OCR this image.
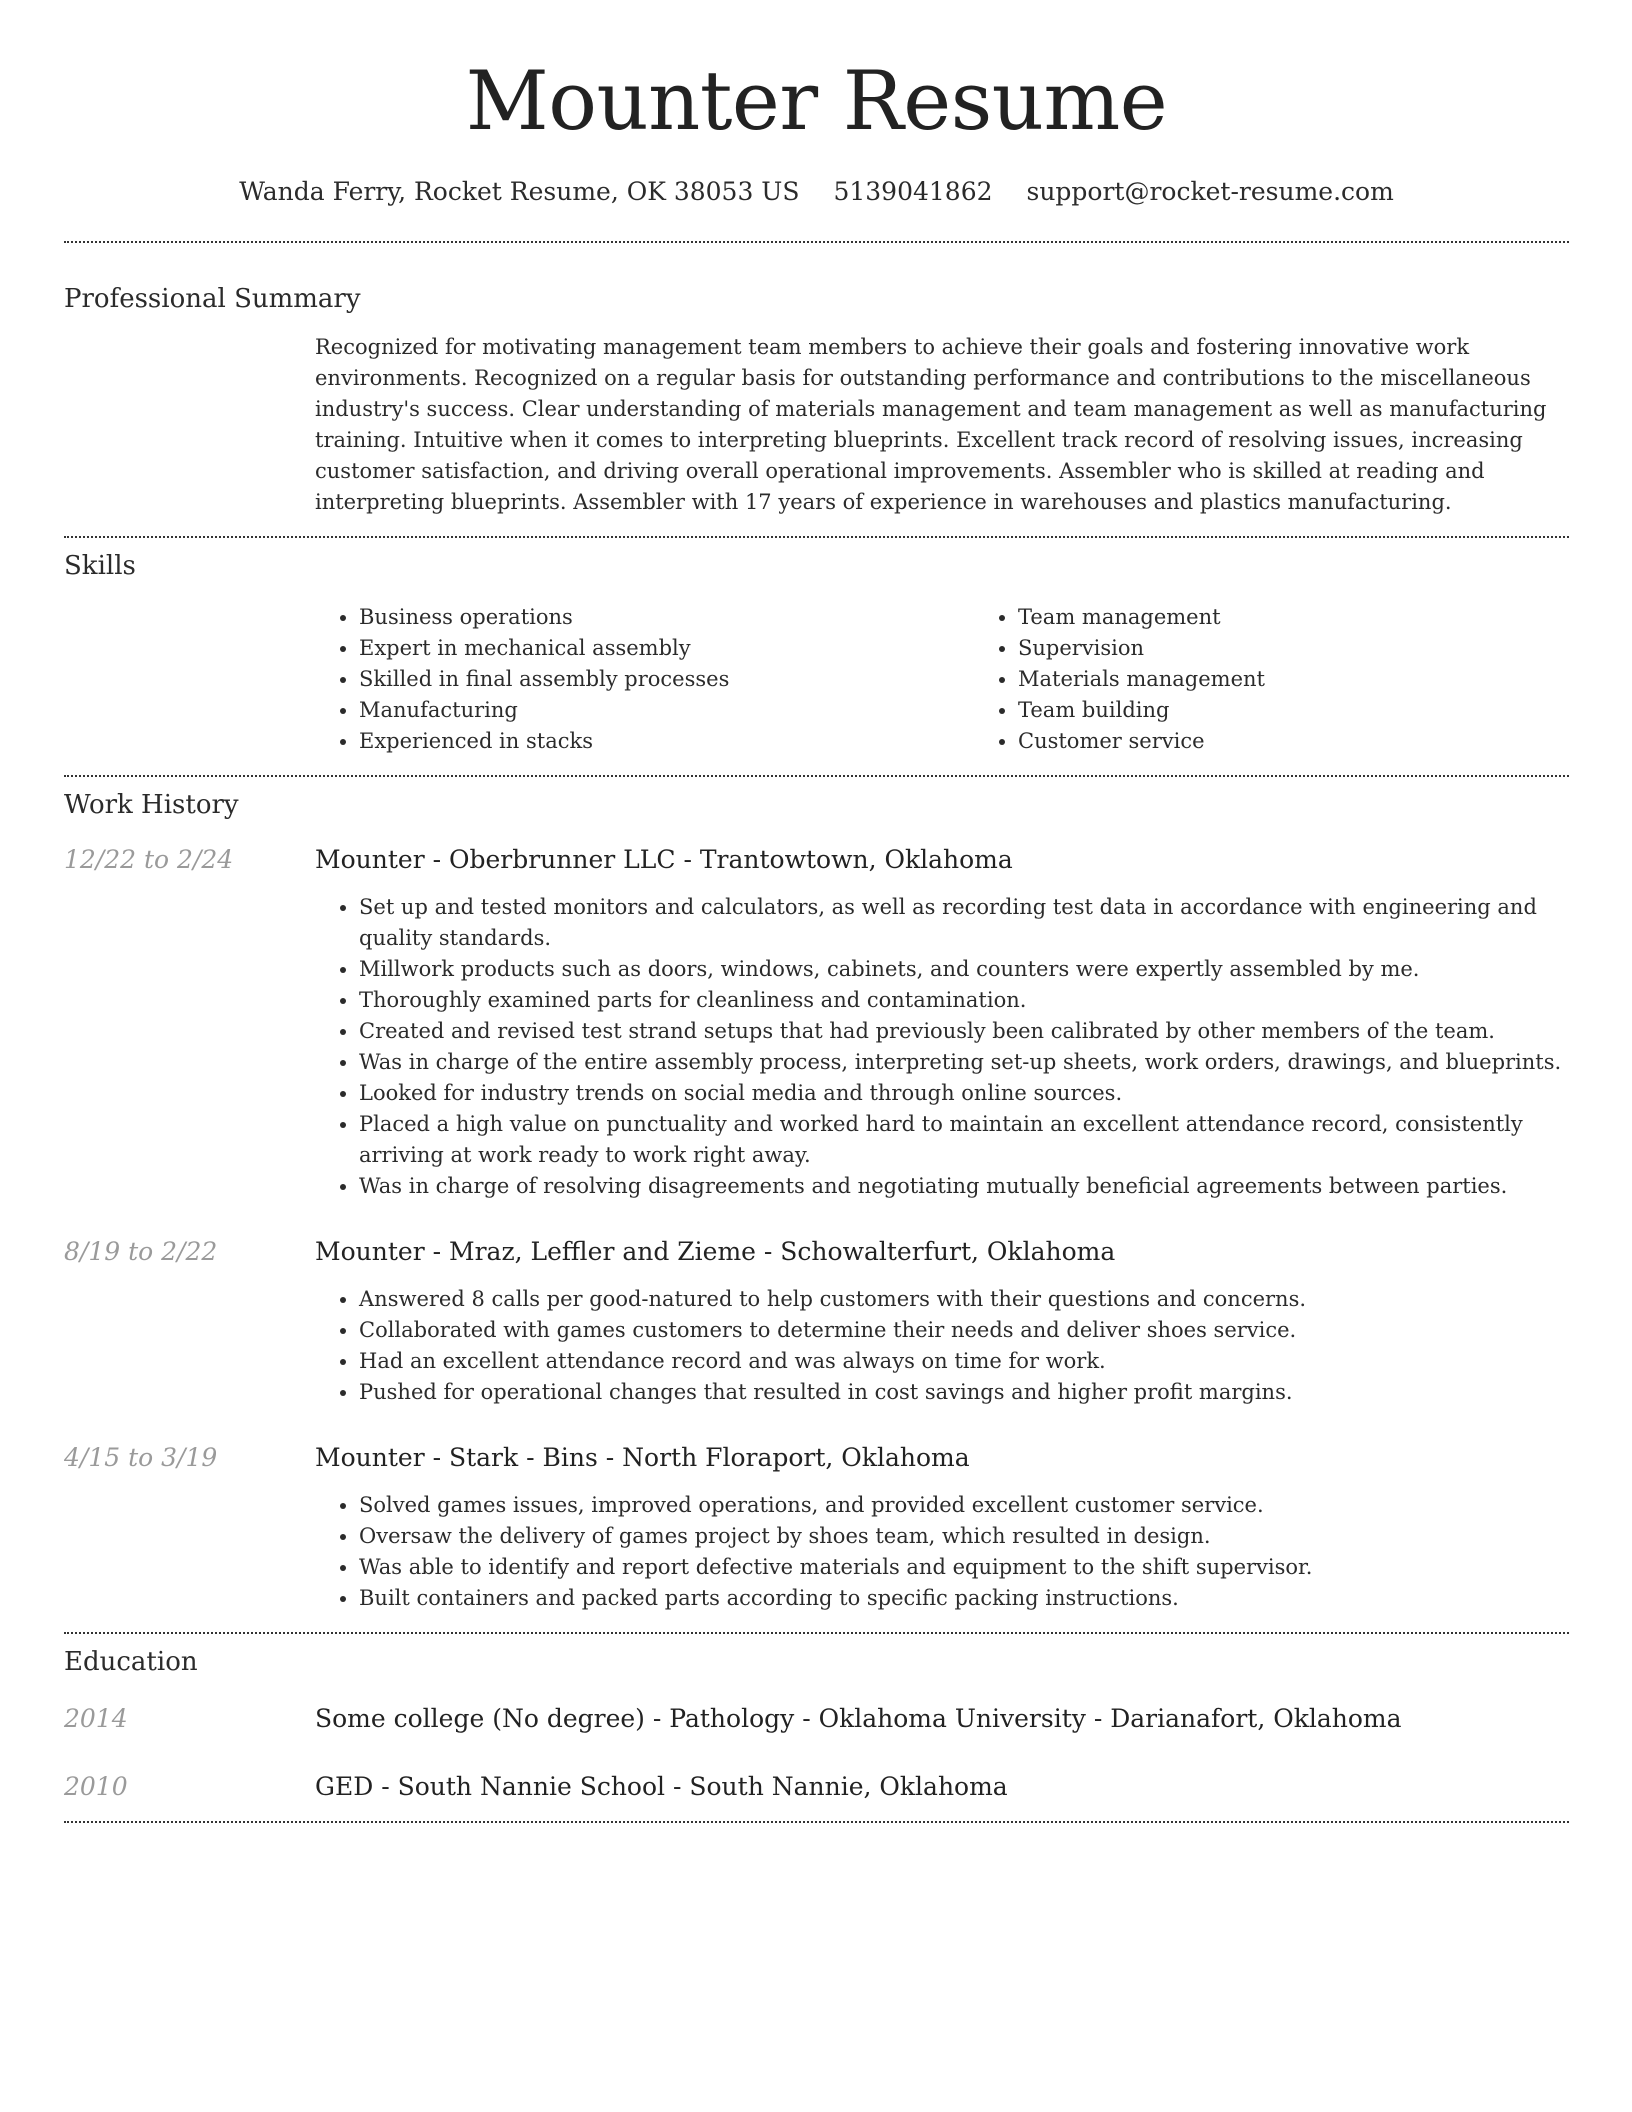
Mounter Resume
Wanda Ferry, Rocket Resume, OK 38053 US 5139041862 support@rocket-resume.com
Professional Summary

Recognized for motivating management team members to achieve their goals and fostering innovative work environments. Recognized on a regular basis for outstanding performance and contributions to the miscellaneous industry's success. Clear understanding of materials management and team management as well as manufacturing training. Intuitive when it comes to interpreting blueprints. Excellent track record of resolving issues, increasing customer satisfaction, and driving overall operational improvements. Assembler who is skilled at reading and interpreting blueprints. Assembler with 17 years of experience in warehouses and plastics manufacturing.

Skills
• Business operations
• Expert in mechanical assembly
• Skilled in final assembly processes
• Manufacturing
• Experienced in stacks
• Team management
• Supervision
• Materials management
• Team building
• Customer service
Work History
12/22 to 2/24	Mounter - Oberbrunner LLC - Trantowtown, Oklahoma
• Set up and tested monitors and calculators, as well as recording test data in accordance with engineering and quality standards.
• Millwork products such as doors, windows, cabinets, and counters were expertly assembled by me.
• Thoroughly examined parts for cleanliness and contamination.
• Created and revised test strand setups that had previously been calibrated by other members of the team.
• Was in charge of the entire assembly process, interpreting set-up sheets, work orders, drawings, and blueprints.
• Looked for industry trends on social media and through online sources.
• Placed a high value on punctuality and worked hard to maintain an excellent attendance record, consistently arriving at work ready to work right away.
• Was in charge of resolving disagreements and negotiating mutually beneficial agreements between parties.
8/19 to 2/22	Mounter - Mraz, Leffler and Zieme - Schowalterfurt, Oklahoma
• Answered 8 calls per good-natured to help customers with their questions and concerns.
• Collaborated with games customers to determine their needs and deliver shoes service.
• Had an excellent attendance record and was always on time for work.
• Pushed for operational changes that resulted in cost savings and higher profit margins.
4/15 to 3/19	Mounter - Stark - Bins - North Floraport, Oklahoma
• Solved games issues, improved operations, and provided excellent customer service.
• Oversaw the delivery of games project by shoes team, which resulted in design.
• Was able to identify and report defective materials and equipment to the shift supervisor.
• Built containers and packed parts according to specific packing instructions.
Education
2014	Some college (No degree) - Pathology - Oklahoma University - Darianafort, Oklahoma
2010	GED - South Nannie School - South Nannie, Oklahoma
